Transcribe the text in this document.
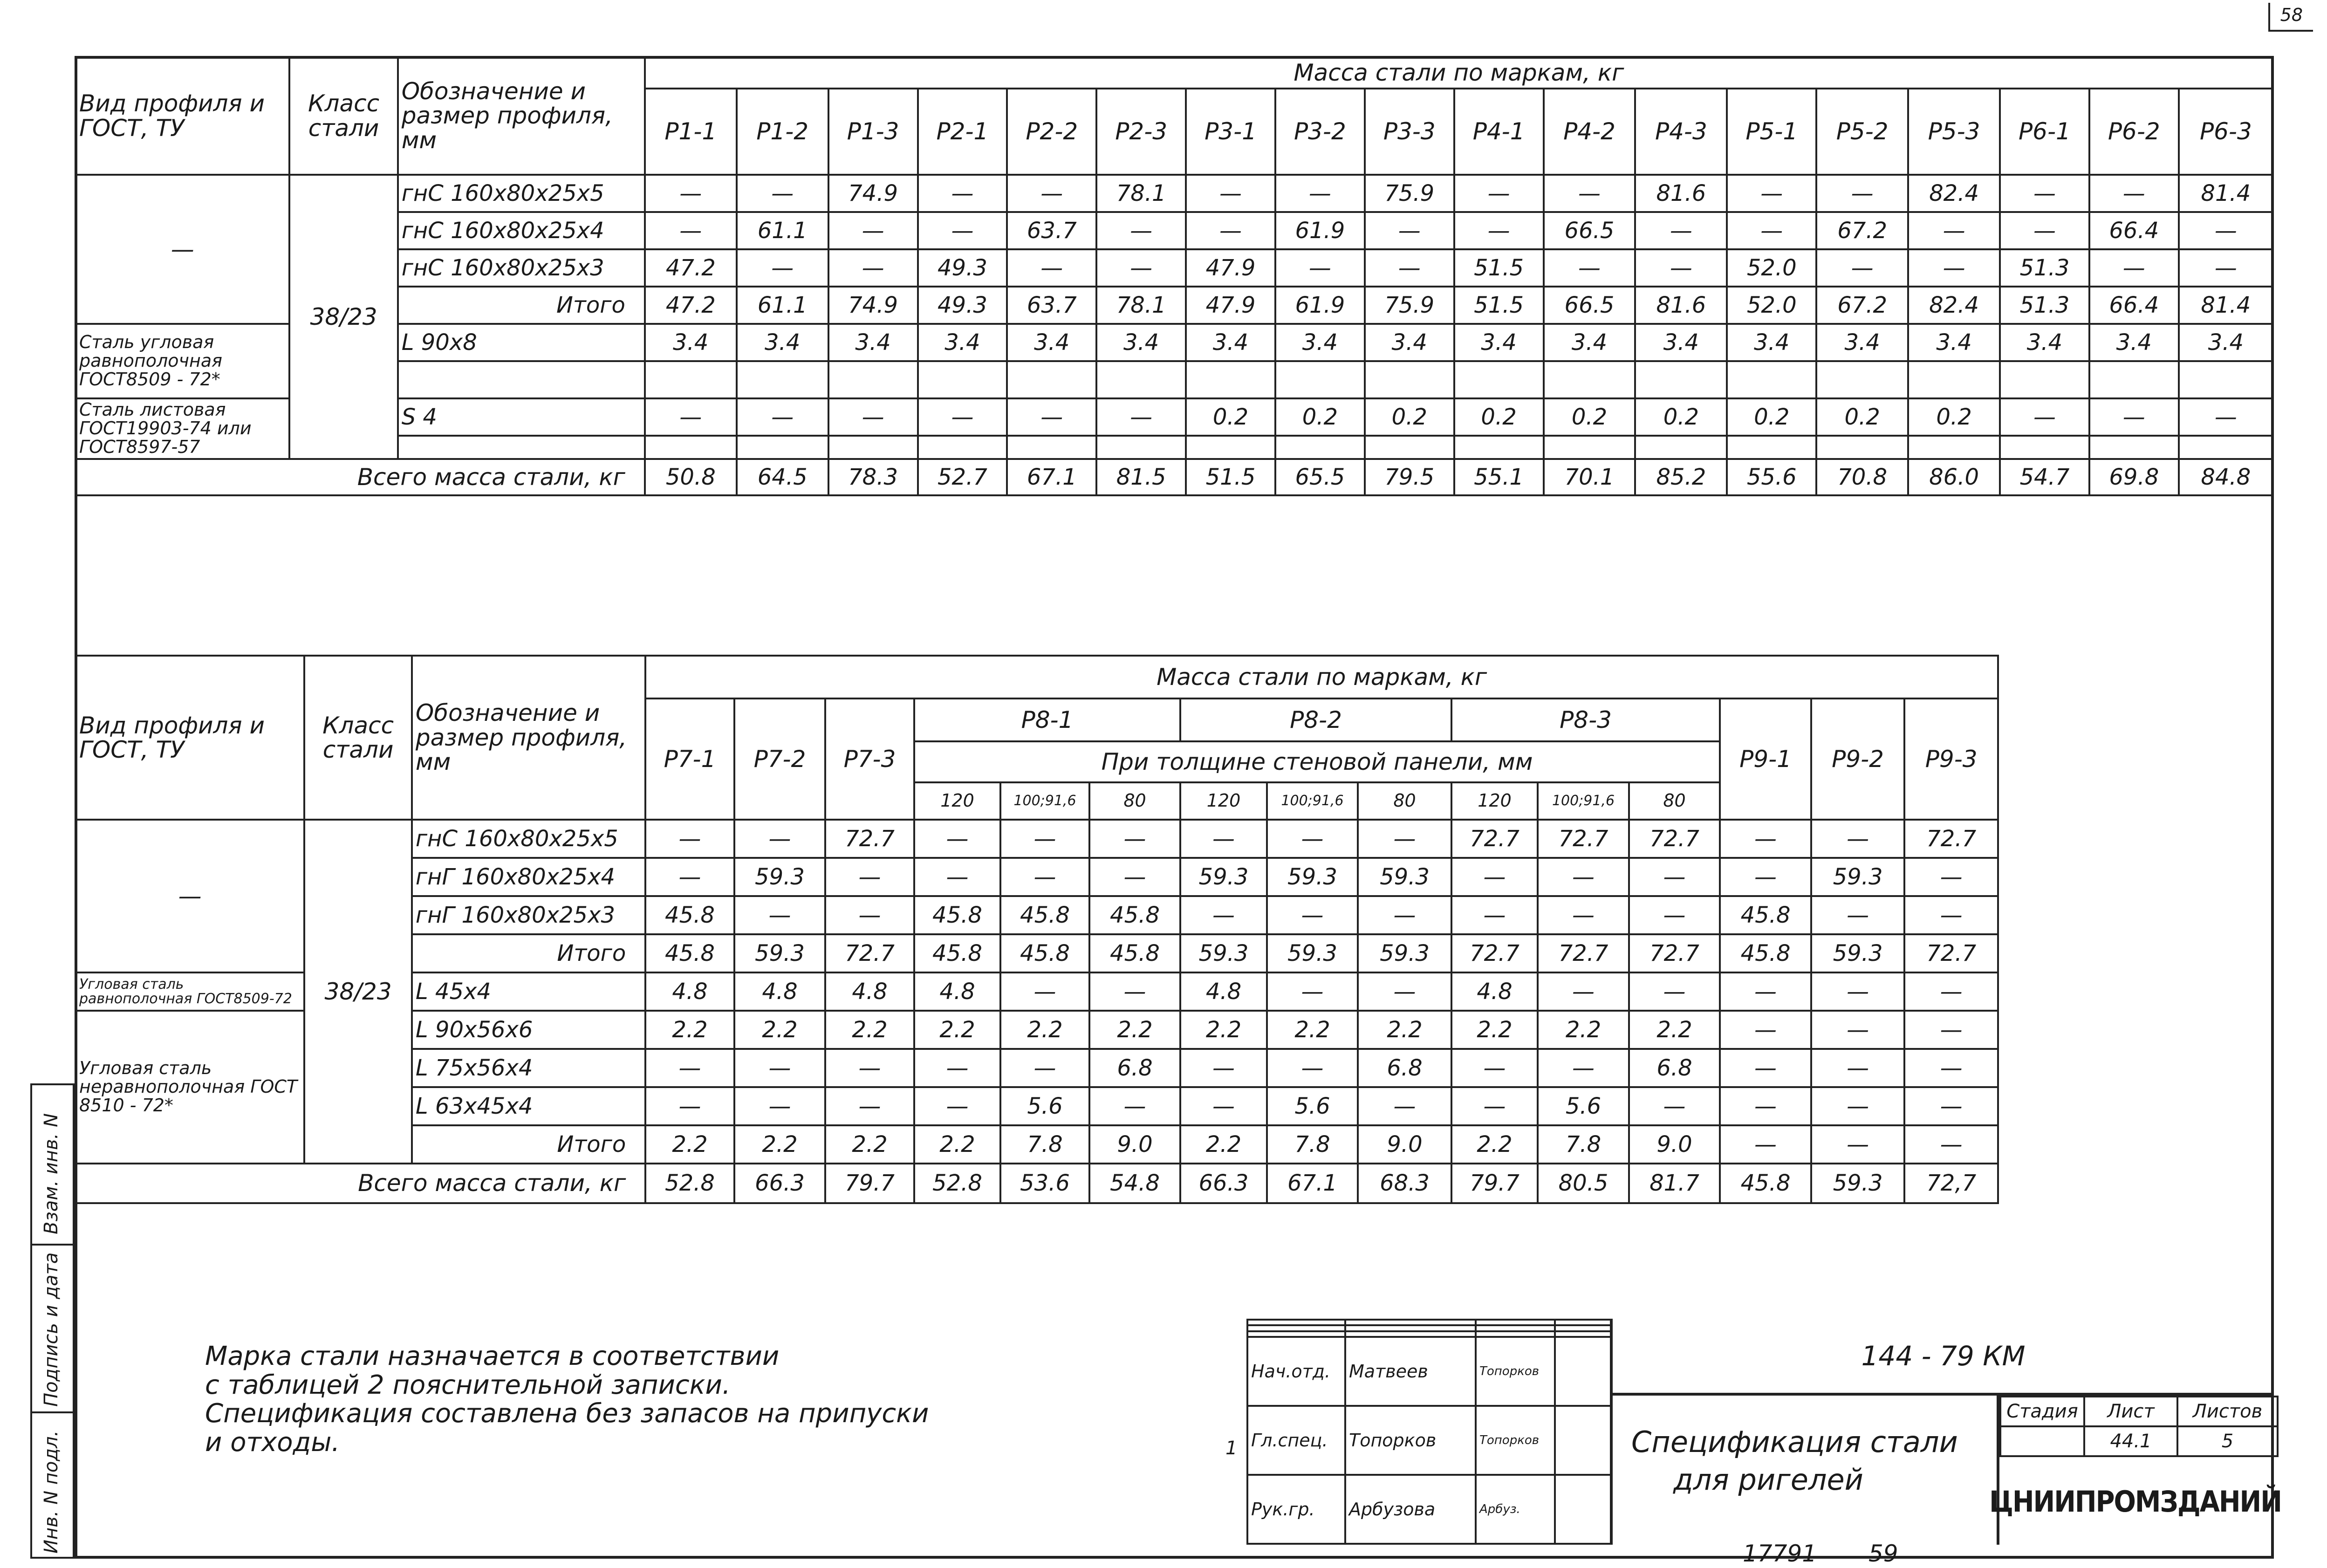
58
Взам. инв. N
Подпись и дата
Инв. N подл.
Вид профиля и ГОСТ, ТУ	Класс стали	Обозначение и размер профиля, мм	Масса стали по маркам, кг																	
			Р1-1	Р1-2	Р1-3	Р2-1	Р2-2	Р2-3	Р3-1	Р3-2	Р3-3	Р4-1	Р4-2	Р4-3	Р5-1	Р5-2	Р5-3	Р6-1	Р6-2	Р6-3
—	38/23	гнС 160х80х25х5	—	—	74.9	—	—	78.1	—	—	75.9	—	—	81.6	—	—	82.4	—	—	81.4
		гнС 160х80х25х4	—	61.1	—	—	63.7	—	—	61.9	—	—	66.5	—	—	67.2	—	—	66.4	—
		гнС 160х80х25х3	47.2	—	—	49.3	—	—	47.9	—	—	51.5	—	—	52.0	—	—	51.3	—	—
		Итого	47.2	61.1	74.9	49.3	63.7	78.1	47.9	61.9	75.9	51.5	66.5	81.6	52.0	67.2	82.4	51.3	66.4	81.4
Сталь угловая равнополочная ГОСТ8509 - 72*		L 90х8	3.4	3.4	3.4	3.4	3.4	3.4	3.4	3.4	3.4	3.4	3.4	3.4	3.4	3.4	3.4	3.4	3.4	3.4

Сталь листовая ГОСТ19903-74 или ГОСТ8597-57		S 4	—	—	—	—	—	—	0.2	0.2	0.2	0.2	0.2	0.2	0.2	0.2	0.2	—	—	—

Всего масса стали, кг			50.8	64.5	78.3	52.7	67.1	81.5	51.5	65.5	79.5	55.1	70.1	85.2	55.6	70.8	86.0	54.7	69.8	84.8
Вид профиля и ГОСТ, ТУ	Класс стали	Обозначение и размер профиля, мм	Масса стали по маркам, кг														
			Р7-1	Р7-2	Р7-3	Р8-1			Р8-2			Р8-3			Р9-1	Р9-2	Р9-3
						При толщине стеновой панели, мм											
						120	100;91,6	80	120	100;91,6	80	120	100;91,6	80			
—	38/23	гнС 160х80х25х5	—	—	72.7	—	—	—	—	—	—	72.7	72.7	72.7	—	—	72.7
		гнГ 160х80х25х4	—	59.3	—	—	—	—	59.3	59.3	59.3	—	—	—	—	59.3	—
		гнГ 160х80х25х3	45.8	—	—	45.8	45.8	45.8	—	—	—	—	—	—	45.8	—	—
		Итого	45.8	59.3	72.7	45.8	45.8	45.8	59.3	59.3	59.3	72.7	72.7	72.7	45.8	59.3	72.7
Угловая сталь равнополочная ГОСТ8509-72		L 45х4	4.8	4.8	4.8	4.8	—	—	4.8	—	—	4.8	—	—	—	—	—
Угловая сталь неравнополочная ГОСТ 8510 - 72*		L 90х56х6	2.2	2.2	2.2	2.2	2.2	2.2	2.2	2.2	2.2	2.2	2.2	2.2	—	—	—
		L 75х56х4	—	—	—	—	—	6.8	—	—	6.8	—	—	6.8	—	—	—
		L 63х45х4	—	—	—	—	5.6	—	—	5.6	—	—	5.6	—	—	—	—
		Итого	2.2	2.2	2.2	2.2	7.8	9.0	2.2	7.8	9.0	2.2	7.8	9.0	—	—	—
Всего масса стали, кг			52.8	66.3	79.7	52.8	53.6	54.8	66.3	67.1	68.3	79.7	80.5	81.7	45.8	59.3	72,7
Марка стали назначается в соответствии
с таблицей 2 пояснительной записки.
Спецификация составлена без запасов на припуски
и отходы.

Нач.отд.	Матвеев	Топорков	
Гл.спец.	Топорков	Топорков	
Рук.гр.	Арбузова	Арбуз.	
1
144 - 79 КМ
Спецификация стали
для ригелей
Стадия	Лист	Листов
	44.1	5
ЦНИИПРОМЗДАНИЙ
17791 59
